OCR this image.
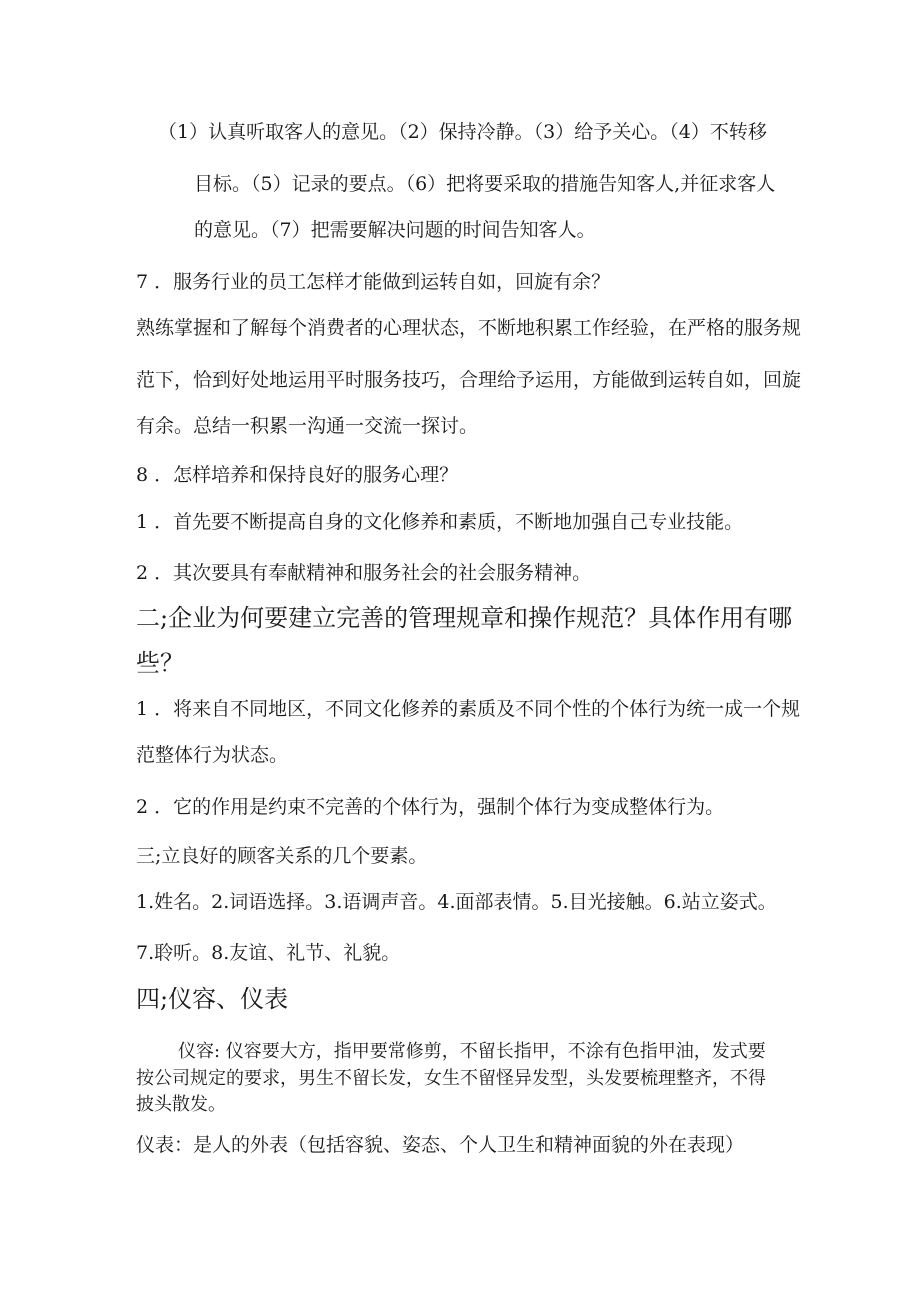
（1）认真听取客人的意见。（2）保持冷静。（3）给予关心。（4）不转移
目标。（5）记录的要点。（6）把将要采取的措施告知客人,并征求客人
的意见。（7）把需要解决问题的时间告知客人。
7 ．服务行业的员工怎样才能做到运转自如，回旋有余？
熟练掌握和了解每个消费者的心理状态，不断地积累工作经验，在严格的服务规
范下，恰到好处地运用平时服务技巧，合理给予运用，方能做到运转自如，回旋
有余。总结一积累一沟通一交流一探讨。
8 ．怎样培养和保持良好的服务心理？
1 ．首先要不断提高自身的文化修养和素质，不断地加强自己专业技能。
2 ．其次要具有奉献精神和服务社会的社会服务精神。
二;企业为何要建立完善的管理规章和操作规范？具体作用有哪
些？
1 ．将来自不同地区，不同文化修养的素质及不同个性的个体行为统一成一个规
范整体行为状态。
2 ．它的作用是约束不完善的个体行为，强制个体行为变成整体行为。
三;立良好的顾客关系的几个要素。
1.姓名。2.词语选择。3.语调声音。4.面部表情。5.目光接触。6.站立姿式。
7.聆听。8.友谊、礼节、礼貌。
四;仪容、仪表
仪容: 仪容要大方，指甲要常修剪，不留长指甲，不涂有色指甲油，发式要
按公司规定的要求，男生不留长发，女生不留怪异发型，头发要梳理整齐，不得
披头散发。
仪表：是人的外表（包括容貌、姿态、个人卫生和精神面貌的外在表现）
